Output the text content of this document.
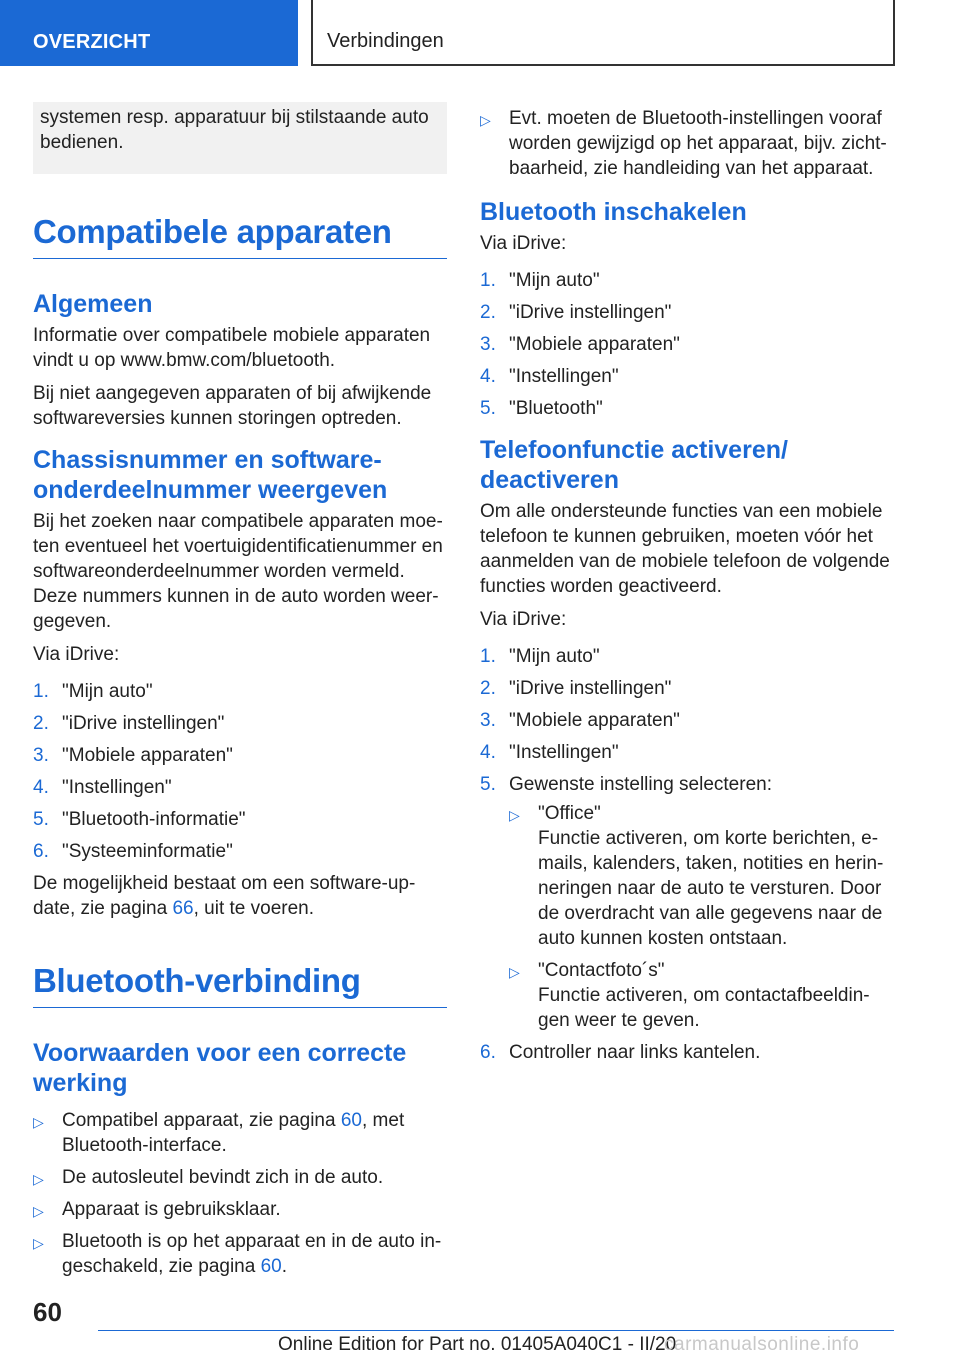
OVERZICHT	Verbindingen

systemen resp. apparatuur bij stilstaande auto bedienen.

Compatibele apparaten
Algemeen

Informatie over compatibele mobiele apparaten vindt u op www.bmw.com/bluetooth.

Bij niet aangegeven apparaten of bij afwijkende softwareversies kunnen storingen optreden.

Chassisnummer en software-onderdeelnummer weergeven

Bij het zoeken naar compatibele apparaten moe-ten eventueel het voertuigidentificatienummer en softwareonderdeelnummer worden vermeld. Deze nummers kunnen in de auto worden weer-gegeven.

Via iDrive:

1. "Mijn auto"
2. "iDrive instellingen"
3. "Mobiele apparaten"
4. "Instellingen"
5. "Bluetooth-informatie"
6. "Systeeminformatie"

De mogelijkheid bestaat om een software-up-date, zie pagina 66, uit te voeren.

Bluetooth-verbinding
Voorwaarden voor een correcte werking
▷ Compatibel apparaat, zie pagina 60, met Bluetooth-interface.
▷ De autosleutel bevindt zich in de auto.
▷ Apparaat is gebruiksklaar.
▷ Bluetooth is op het apparaat en in de auto in-geschakeld, zie pagina 60.
▷ Evt. moeten de Bluetooth-instellingen vooraf worden gewijzigd op het apparaat, bijv. zicht-baarheid, zie handleiding van het apparaat.
Bluetooth inschakelen

Via iDrive:

1. "Mijn auto"
2. "iDrive instellingen"
3. "Mobiele apparaten"
4. "Instellingen"
5. "Bluetooth"
Telefoonfunctie activeren/ deactiveren

Om alle ondersteunde functies van een mobiele telefoon te kunnen gebruiken, moeten vóór het aanmelden van de mobiele telefoon de volgende functies worden geactiveerd.

Via iDrive:

1. "Mijn auto"
2. "iDrive instellingen"
3. "Mobiele apparaten"
4. "Instellingen"
5. Gewenste instelling selecteren:
▷ "Office"
Functie activeren, om korte berichten, e-mails, kalenders, taken, notities en herin-neringen naar de auto te versturen. Door de overdracht van alle gegevens naar de auto kunnen kosten ontstaan.
▷ "Contactfoto´s"
Functie activeren, om contactafbeeldin-gen weer te geven.
6. Controller naar links kantelen.
60
Online Edition for Part no. 01405A040C1 - II/20
carmanualsonline.info
